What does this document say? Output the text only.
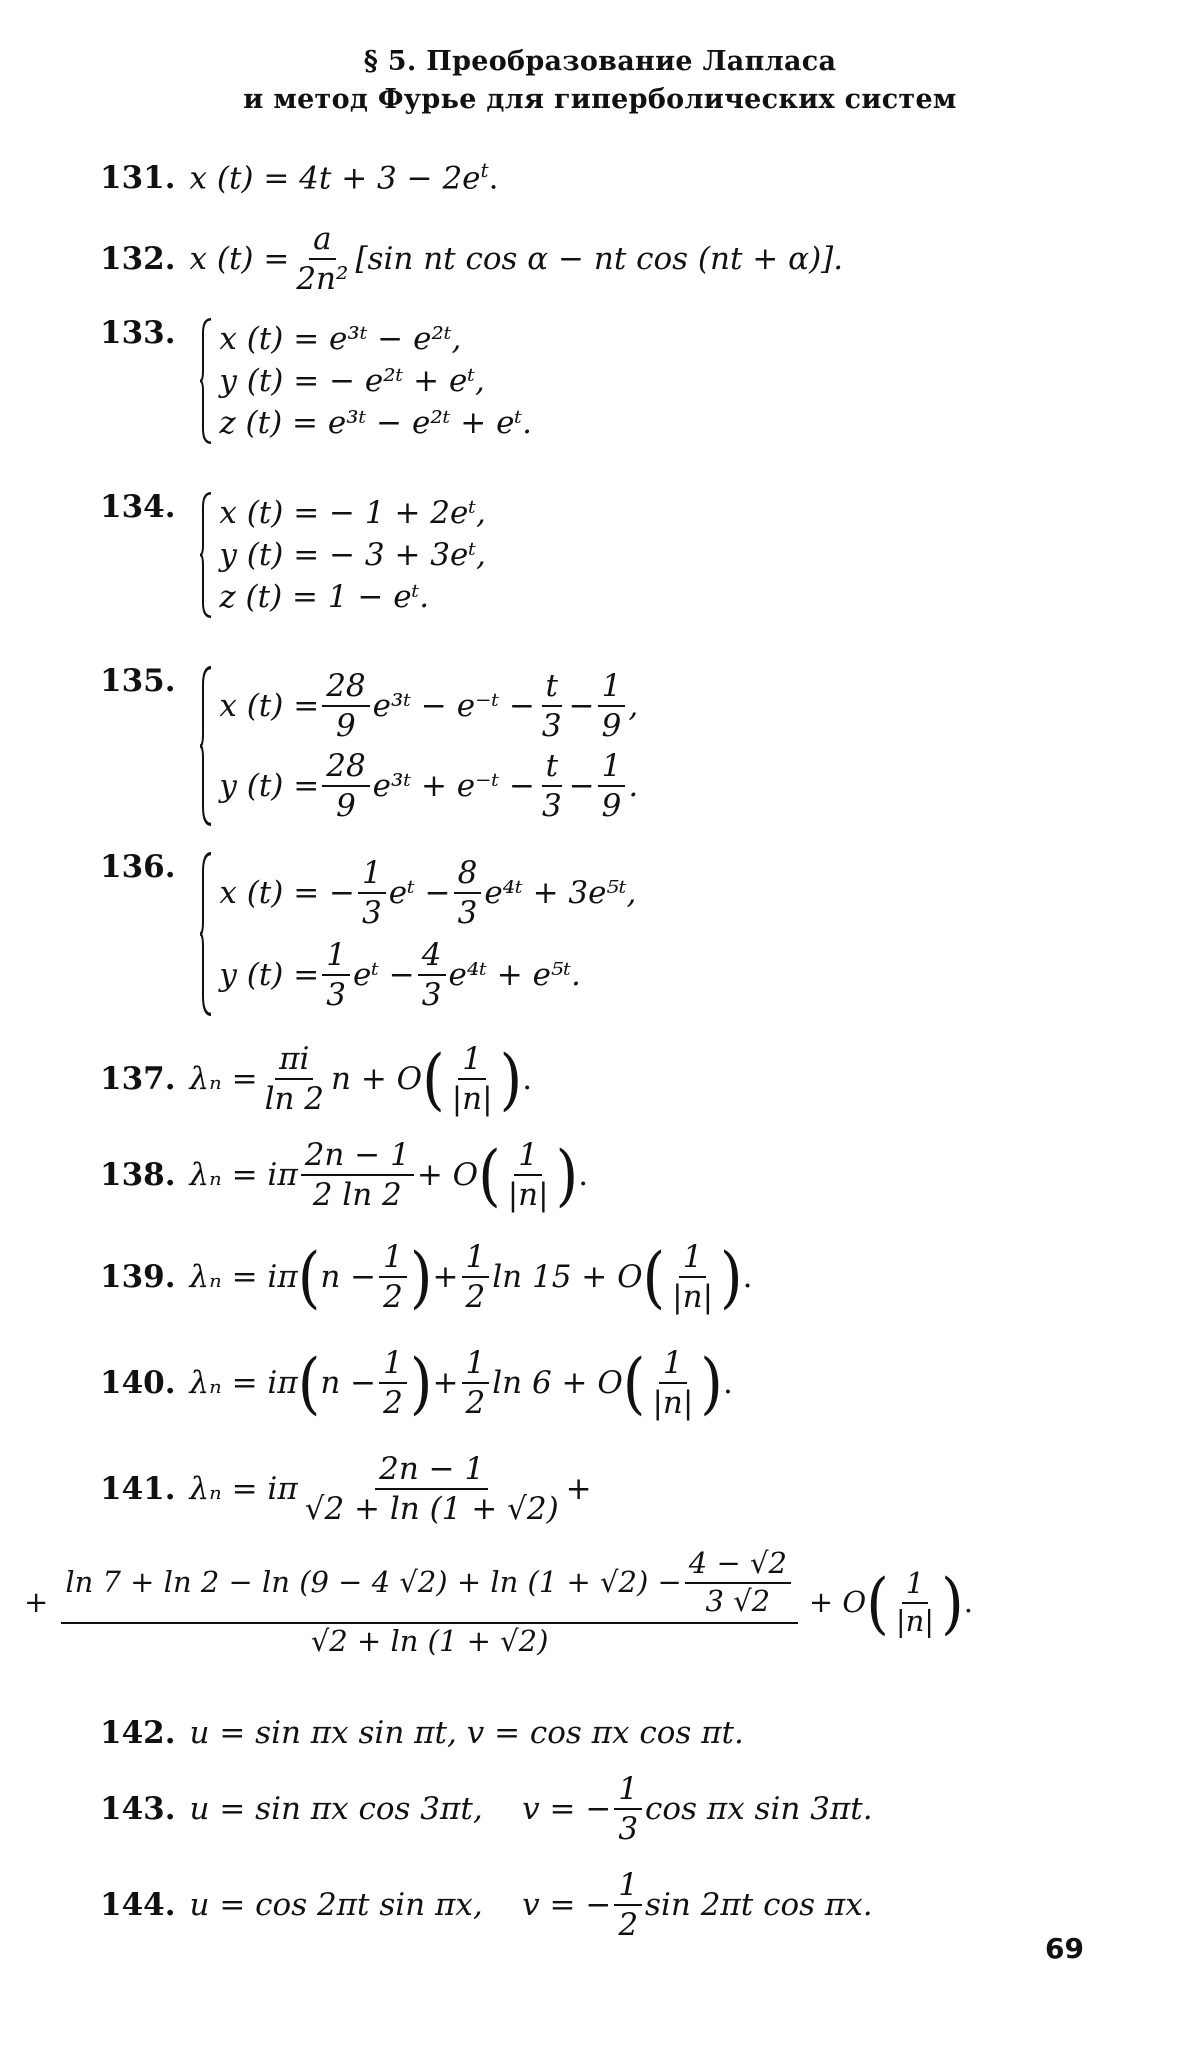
§ 5. Преобразование Лапласа
и метод Фурье для гиперболических систем
131. x $(t) = 4t + 3 - 2e^t$.
132. x $(t) = \frac{a}{\text{2n²}} [\sin$ nt cos α − nt cos (nt + α)].
133. x (t) = e³ᵗ − e²ᵗ,
y (t) = − e²ᵗ + eᵗ,
z (t) = e³ᵗ − e²ᵗ + eᵗ.
134. x (t) = − 1 + 2eᵗ,
y (t) = − 3 + 3eᵗ,
z (t) = 1 − eᵗ.
135.
x $(t) = \frac{28}{9}$ e³ᵗ − e⁻ᵗ − $\frac{t}{3} - \frac{1}{9}$ ,
y $(t) = \frac{28}{9}$ e³ᵗ + e⁻ᵗ − $\frac{t}{3} - \frac{1}{9}$ .
136.
x (t) = − $\frac{1}{3}$ eᵗ − $\frac{8}{3}$ e⁴ᵗ + 3e⁵ᵗ,
y $(t) = \frac{1}{3}$ eᵗ − $\frac{4}{3}$ e⁴ᵗ + e⁵ᵗ.
137. $\lambda_n = \frac{\pi i}{\ln 2}$ n + O ( $\frac{1}{|n|}$ ) .
138. λₙ = iπ $\frac{2n - 1}{2 \ln 2} + O$ ( $\frac{1}{|n|}$ ) .
139. λₙ = iπ ( $n - \frac{1}{2}$ ) + $\frac{1}{2}$ ln 15 + O ( $\frac{1}{|n|}$ ) .
140. λₙ = iπ ( $n - \frac{1}{2}$ ) + $\frac{1}{2}$ ln 6 + O ( $\frac{1}{|n|}$ ) .
141. λₙ = iπ $\frac{2n - 1}{√2 + \ln (1 + √2)}$ +
+
ln 7 + ln 2 − ln (9 − 4 $√2) + \ln (1 + √2) - \frac{4 - √2}{3 √2}$
√2 + ln (1 + √2)
+ O ( $\frac{1}{|n|}$ ) .
142. u = sin πx sin πt, v = cos πx cos πt.
143. u = sin πx cos 3πt,    v = − $\frac{1}{3}$ cos πx sin 3πt.
144. u = cos 2πt sin πx,    v = − $\frac{1}{2}$ sin 2πt cos πx.
69
